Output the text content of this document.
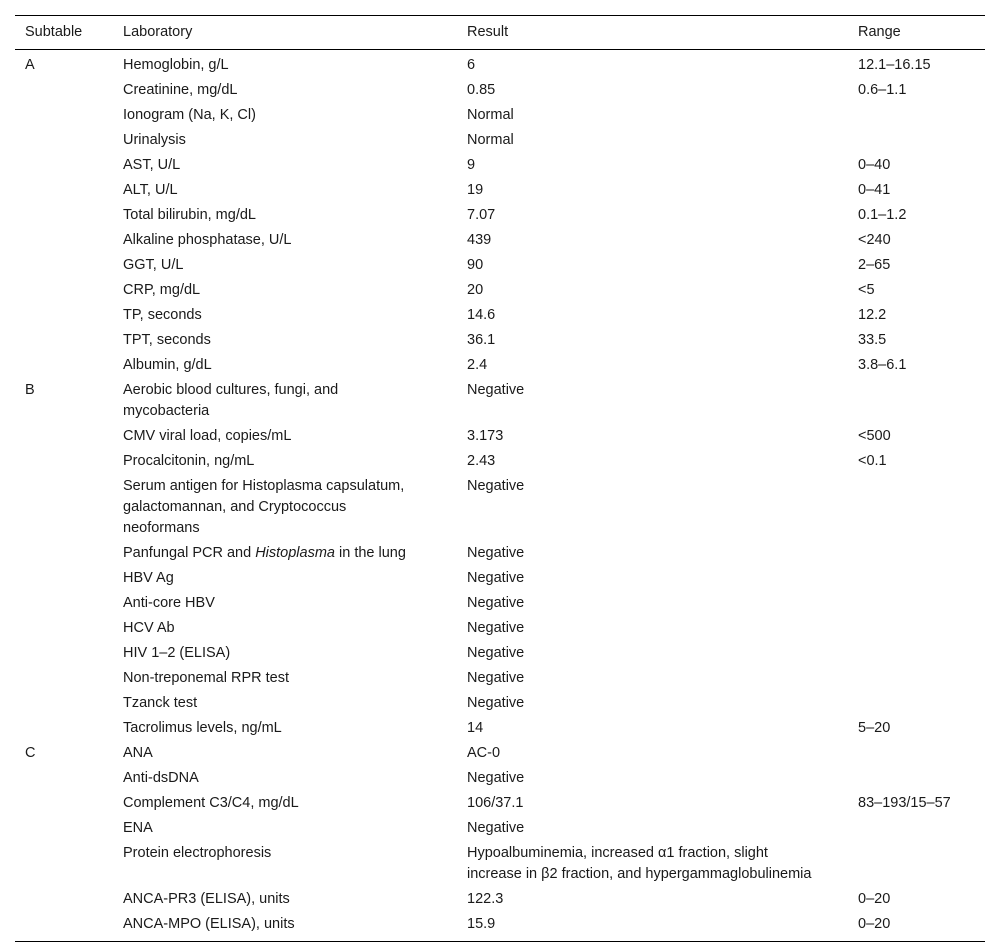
Subtable	Laboratory	Result	Range
A	Hemoglobin, g/L	6	12.1–16.15
	Creatinine, mg/dL	0.85	0.6–1.1
	Ionogram (Na, K, Cl)	Normal	
	Urinalysis	Normal	
	AST, U/L	9	0–40
	ALT, U/L	19	0–41
	Total bilirubin, mg/dL	7.07	0.1–1.2
	Alkaline phosphatase, U/L	439	<240
	GGT, U/L	90	2–65
	CRP, mg/dL	20	<5
	TP, seconds	14.6	12.2
	TPT, seconds	36.1	33.5
	Albumin, g/dL	2.4	3.8–6.1
B	Aerobic blood cultures, fungi, and mycobacteria	Negative	
	CMV viral load, copies/mL	3.173	<500
	Procalcitonin, ng/mL	2.43	<0.1
	Serum antigen for Histoplasma capsulatum, galactomannan, and Cryptococcus neoformans	Negative	
	Panfungal PCR and Histoplasma in the lung	Negative	
	HBV Ag	Negative	
	Anti-core HBV	Negative	
	HCV Ab	Negative	
	HIV 1–2 (ELISA)	Negative	
	Non-treponemal RPR test	Negative	
	Tzanck test	Negative	
	Tacrolimus levels, ng/mL	14	5–20
C	ANA	AC-0	
	Anti-dsDNA	Negative	
	Complement C3/C4, mg/dL	106/37.1	83–193/15–57
	ENA	Negative	
	Protein electrophoresis	Hypoalbuminemia, increased α1 fraction, slight increase in β2 fraction, and hypergammaglobulinemia	
	ANCA-PR3 (ELISA), units	122.3	0–20
	ANCA-MPO (ELISA), units	15.9	0–20
